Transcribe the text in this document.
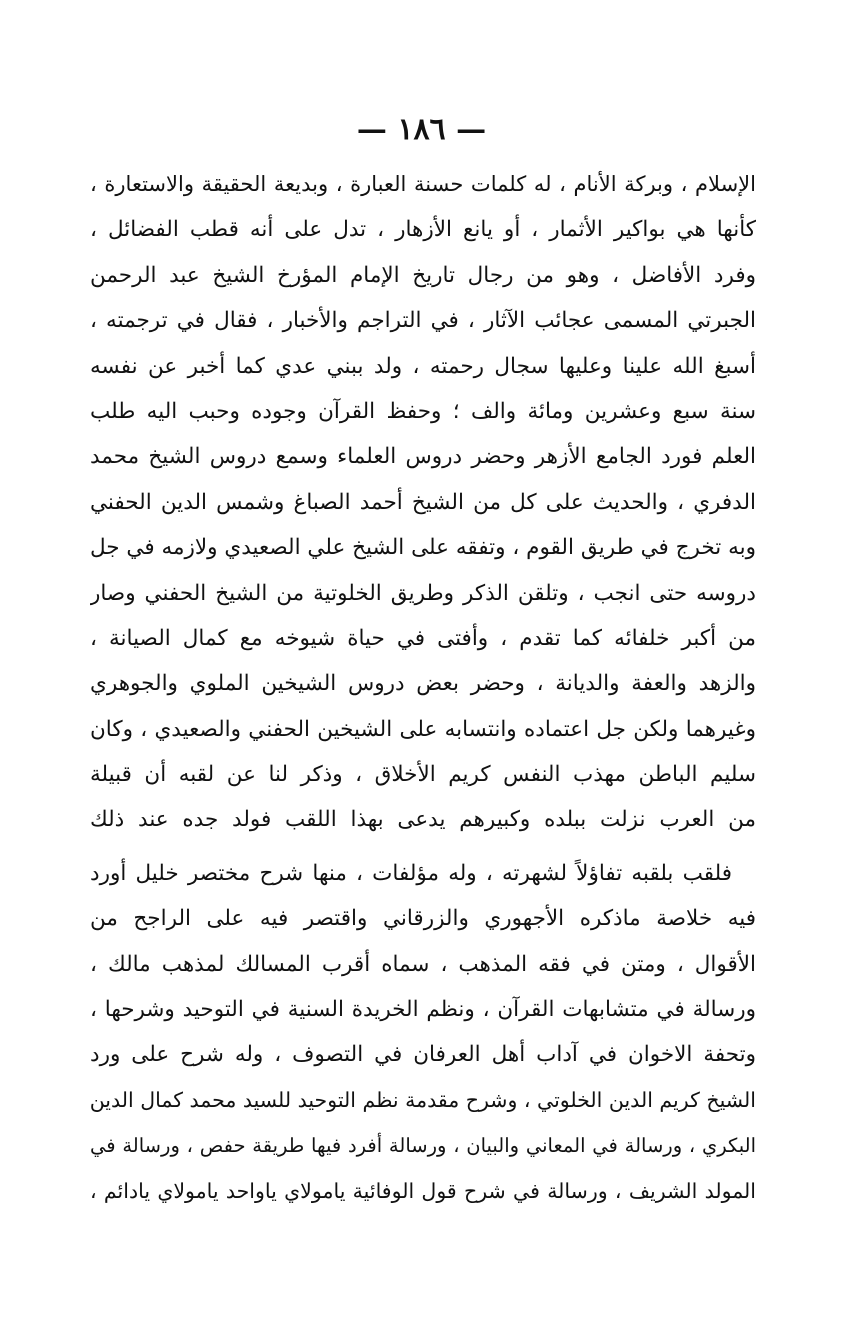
— ١٨٦ —
الإسلام ، وبركة الأنام ، له كلمات حسنة العبارة ، وبديعة الحقيقة والاستعارة ،
كأنها هي بواكير الأثمار ، أو يانع الأزهار ، تدل على أنه قطب الفضائل ،
وفرد الأفاضل ، وهو من رجال تاريخ الإمام المؤرخ الشيخ عبد الرحمن
الجبرتي المسمى عجائب الآثار ، في التراجم والأخبار ، فقال في ترجمته ،
أسبغ الله علينا وعليها سجال رحمته ، ولد ببني عدي كما أخبر عن نفسه
سنة سبع وعشرين ومائة والف ؛ وحفظ القرآن وجوده وحبب اليه طلب
العلم فورد الجامع الأزهر وحضر دروس العلماء وسمع دروس الشيخ محمد
الدفري ، والحديث على كل من الشيخ أحمد الصباغ وشمس الدين الحفني
وبه تخرج في طريق القوم ، وتفقه على الشيخ علي الصعيدي ولازمه في جل
دروسه حتى انجب ، وتلقن الذكر وطريق الخلوتية من الشيخ الحفني وصار
من أكبر خلفائه كما تقدم ، وأفتى في حياة شيوخه مع كمال الصيانة ،
والزهد والعفة والديانة ، وحضر بعض دروس الشيخين الملوي والجوهري
وغيرهما ولكن جل اعتماده وانتسابه على الشيخين الحفني والصعيدي ، وكان
سليم الباطن مهذب النفس كريم الأخلاق ، وذكر لنا عن لقبه أن قبيلة
من العرب نزلت ببلده وكبيرهم يدعى بهذا اللقب فولد جده عند ذلك
فلقب بلقبه تفاؤلاً لشهرته ، وله مؤلفات ، منها شرح مختصر خليل أورد
فيه خلاصة ماذكره الأجهوري والزرقاني واقتصر فيه على الراجح من
الأقوال ، ومتن في فقه المذهب ، سماه أقرب المسالك لمذهب مالك ،
ورسالة في متشابهات القرآن ، ونظم الخريدة السنية في التوحيد وشرحها ،
وتحفة الاخوان في آداب أهل العرفان في التصوف ، وله شرح على ورد
الشيخ كريم الدين الخلوتي ، وشرح مقدمة نظم التوحيد للسيد محمد كمال الدين
البكري ، ورسالة في المعاني والبيان ، ورسالة أفرد فيها طريقة حفص ، ورسالة في
المولد الشريف ، ورسالة في شرح قول الوفائية يامولاي ياواحد يامولاي يادائم ،
